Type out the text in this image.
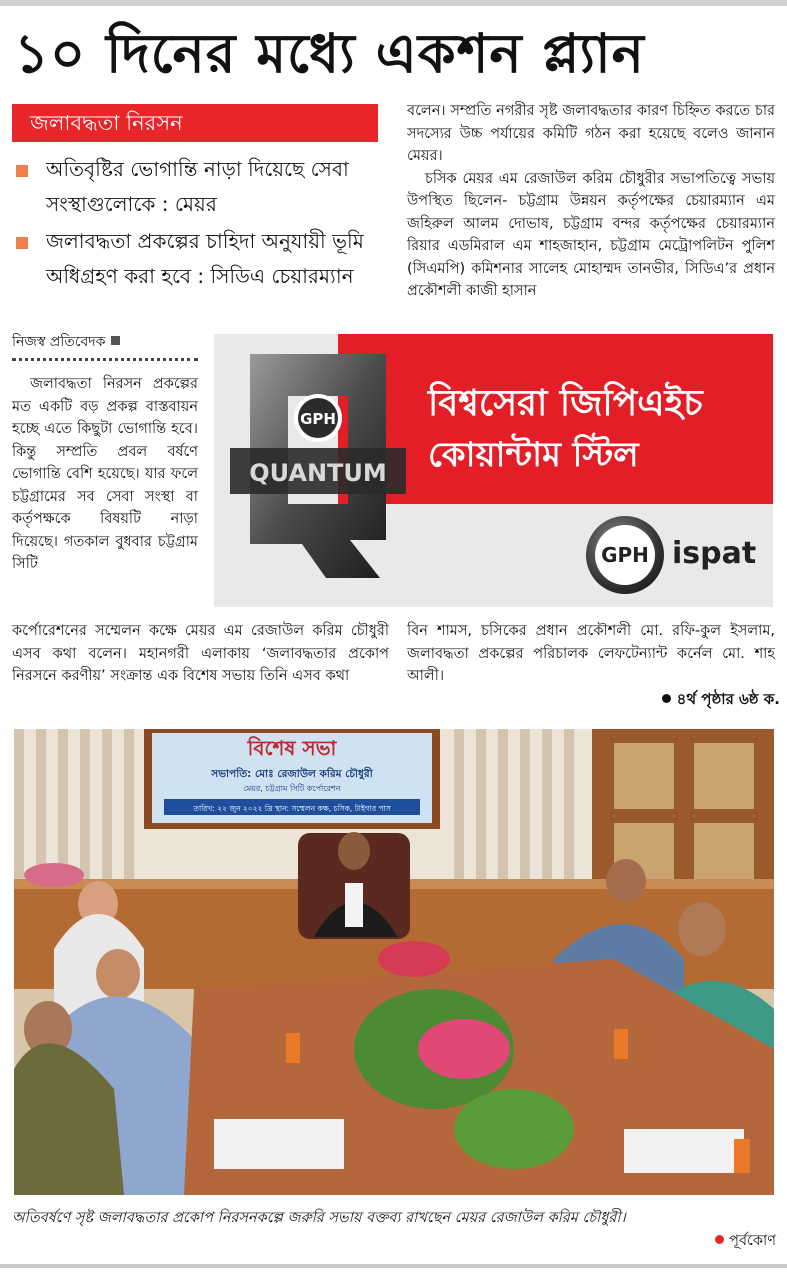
১০ দিনের মধ্যে একশন প্ল্যান
জলাবদ্ধতা নিরসন
অতিবৃষ্টির ভোগান্তি নাড়া দিয়েছে সেবা সংস্থাগুলোকে : মেয়র
জলাবদ্ধতা প্রকল্পের চাহিদা অনুযায়ী ভূমি অধিগ্রহণ করা হবে : সিডিএ চেয়ারম্যান

বলেন। সম্প্রতি নগরীর সৃষ্ট জলাবদ্ধতার কারণ চিহ্নিত করতে চার সদস্যের উচ্চ পর্যায়ের কমিটি গঠন করা হয়েছে বলেও জানান মেয়র।

চসিক মেয়র এম রেজাউল করিম চৌধুরীর সভাপতিত্বে সভায় উপস্থিত ছিলেন- চট্টগ্রাম উন্নয়ন কর্তৃপক্ষের চেয়ারম্যান এম জহিরুল আলম দোভাষ, চট্টগ্রাম বন্দর কর্তৃপক্ষের চেয়ারম্যান রিয়ার এডমিরাল এম শাহজাহান, চট্টগ্রাম মেট্রোপলিটন পুলিশ (সিএমপি) কমিশনার সালেহ মোহাম্মদ তানভীর, সিডিএ’র প্রধান প্রকৌশলী কাজী হাসান

নিজস্ব প্রতিবেদক

জলাবদ্ধতা নিরসন প্রকল্পের মত একটি বড় প্রকল্প বাস্তবায়ন হচ্ছে এতে কিছুটা ভোগান্তি হবে। কিন্তু সম্প্রতি প্রবল বর্ষণে ভোগান্তি বেশি হয়েছে। যার ফলে চট্টগ্রামের সব সেবা সংস্থা বা কর্তৃপক্ষকে বিষয়টি নাড়া দিয়েছে। গতকাল বুধবার চট্টগ্রাম সিটি

QUANTUM
GPH	বিশ্বসেরা জিপিএইচ
কোয়ান্টাম স্টিল
GPH ispat

কর্পোরেশনের সম্মেলন কক্ষে মেয়র এম রেজাউল করিম চৌধুরী এসব কথা বলেন। মহানগরী এলাকায় ‘জলাবদ্ধতার প্রকোপ নিরসনে করণীয়’ সংক্রান্ত এক বিশেষ সভায় তিনি এসব কথা

বিন শামস, চসিকের প্রধান প্রকৌশলী মো. রফি-কুল ইসলাম, জলাবদ্ধতা প্রকল্পের পরিচালক লেফটেন্যান্ট কর্নেল মো. শাহ আলী।

৪র্থ পৃষ্ঠার ৬ষ্ঠ ক.
বিশেষ সভা
সভাপতি: মোঃ রেজাউল করিম চৌধুরী
মেয়র, চট্টগ্রাম সিটি কর্পোরেশন
তারিখ: ২২ জুন ২০২২ খ্রি স্থান: সম্মেলন কক্ষ, চসিক, টাইগার পাস
অতিবর্ষণে সৃষ্ট জলাবদ্ধতার প্রকোপ নিরসনকল্পে জরুরি সভায় বক্তব্য রাখছেন মেয়র রেজাউল করিম চৌধুরী।
পূর্বকোণ
